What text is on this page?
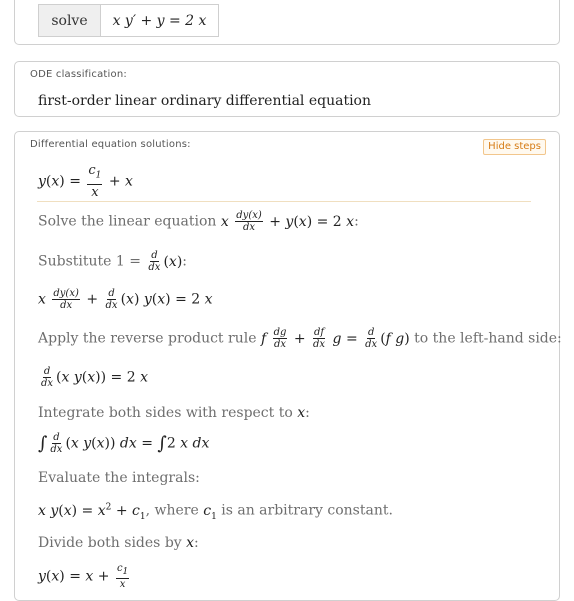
solve	x y′ + y = 2 x
ODE classification:
first-order linear ordinary differential equation
Differential equation solutions:	Hide steps
$y(x) = \frac{c_1}{x} + x$
Solve the linear equation x $\frac{dy(x)}{dx} + y(x) = 2$ x:
Substitute $1 = \frac{d}{dx} (x)$:
x $\frac{dy(x)}{dx} + \frac{d}{dx} (x) y(x) = 2$ x
Apply the reverse product rule f $\frac{dg}{dx} + \frac{df}{dx}$ $g = \frac{d}{dx} (f$ g) to the left-hand side:
$\frac{d}{dx} (x$ y(x)) = 2 x
Integrate both sides with respect to x:
∫ $\frac{d}{dx} (x$ y(x)) dx = ∫2 x dx
Evaluate the integrals:
x $y(x) = x^2 + c_1$, where $c_1$ is an arbitrary constant.
Divide both sides by x:
$y(x) = x + \frac{c_1}{x}$
